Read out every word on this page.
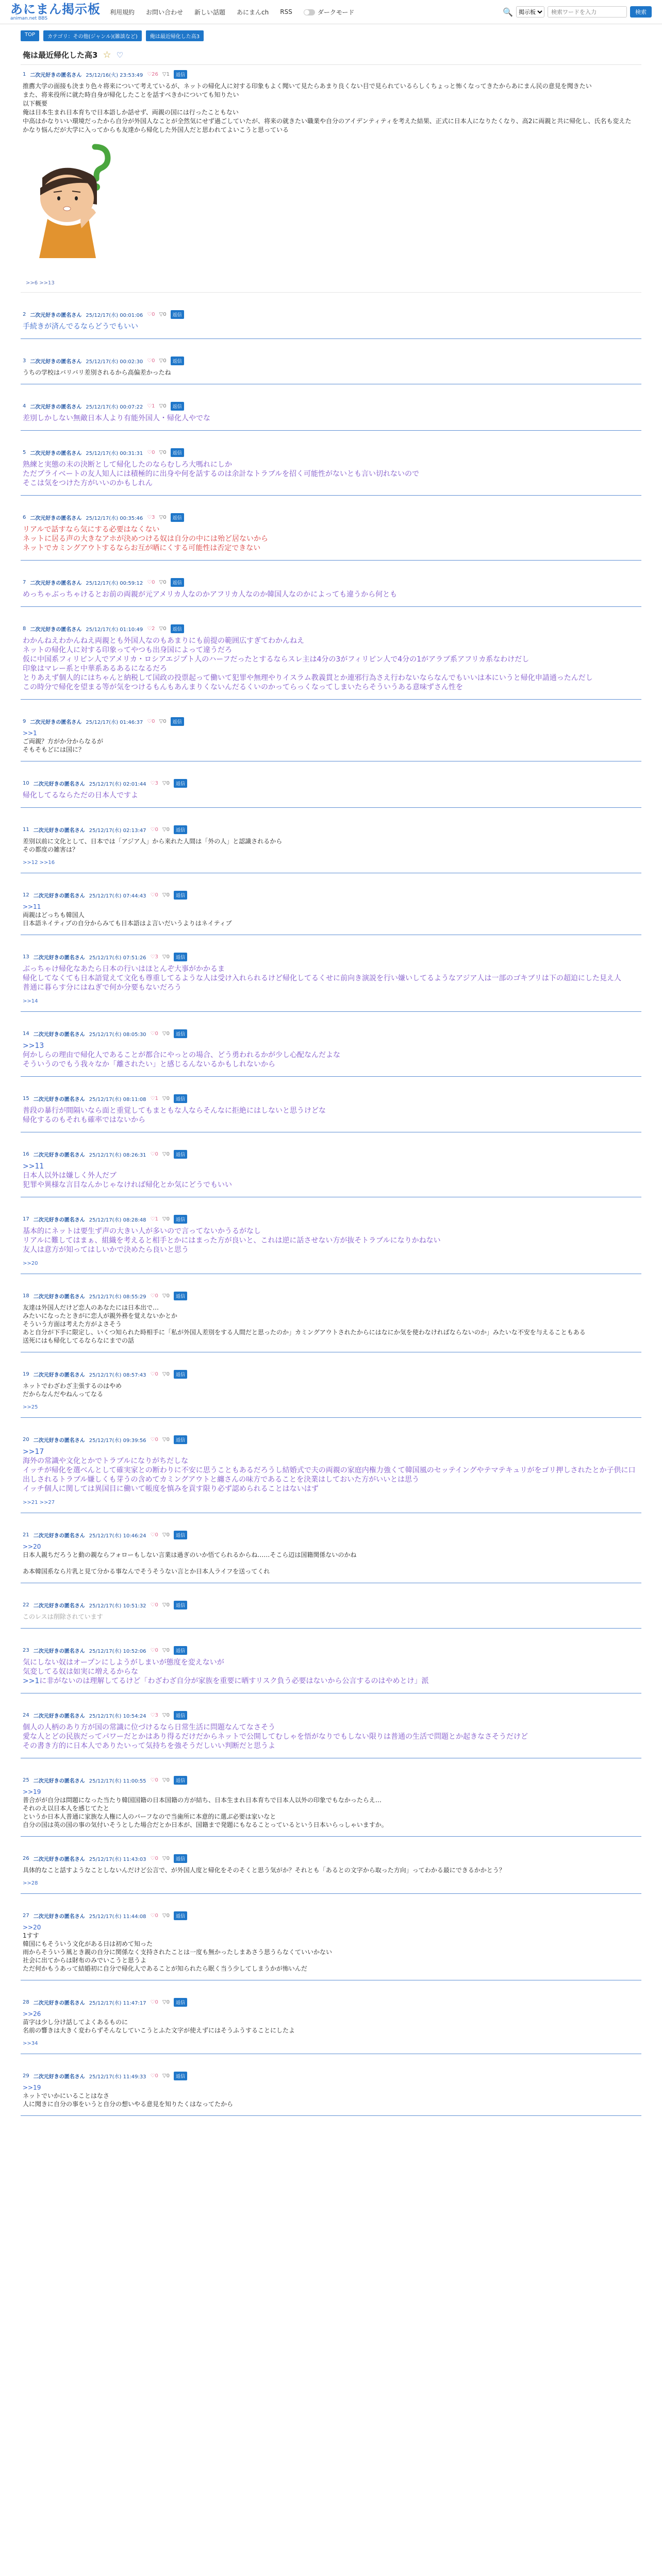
あにまん掲示板
animan.net BBS
利用規約 お問い合わせ 新しい話題 あにまんch RSS	ダークモード	🔍
掲示板
検索ワードを入力	検索
TOP	カテゴリ：その他(ジャンル)(雑談など)	俺は最近帰化した高3
俺は最近帰化した高3 ☆ ♡
1 二次元好きの匿名さん 25/12/16(火) 23:53:49 ♡26 ▽1	返信
推薦大学の面接も決まり色々将来について考えているが、ネットの帰化人に対する印象もよく聞いて見たらあまり良くない目で見られているらしくちょっと怖くなってきたからあにまん民の意見を聞きたい
また、将来役所に就た時自身が帰化したことを話すべきかについても知りたい
以下概要
俺は日本生まれ日本育ちで日本語しか話せず、両親の国には行ったこともない
中高はかなりいい環境だったから自分が外国人なことが全然気にせず過ごしていたが、将来の就きたい職業や自分のアイデンティティを考えた結果、正式に日本人になりたくなり、高2に両親と共に帰化し、氏名も変えた
かなり悩んだが大学に入ってからも友達から帰化した外国人だと思われてよいこうと思っている
>>6 >>13
2 二次元好きの匿名さん 25/12/17(水) 00:01:06 ♡0 ▽0	返信
手続きが済んでるならどうでもいい
3 二次元好きの匿名さん 25/12/17(水) 00:02:30 ♡0 ▽0	返信
うちの学校はバリバリ差別されるから高偏差かったね
4 二次元好きの匿名さん 25/12/17(水) 00:07:22 ♡1 ▽0	返信
差別しかしない無敵日本人より有能外国人・帰化人やでな
5 二次元好きの匿名さん 25/12/17(水) 00:31:31 ♡0 ▽0	返信
熟練と実態の末の決断として帰化したのならむしろ大嗎れにしか
ただプライベートの友人知人には積極的に出身や何を話するのは余計なトラブルを招く可能性がないとも言い切れないので
そこは気をつけた方がいいのかもしれん
6 二次元好きの匿名さん 25/12/17(水) 00:35:46 ♡3 ▽0	返信
リアルで話すなら気にする必要はなくない
ネットに居る声の大きなアホが決めつける奴は自分の中には殆ど居ないから
ネットでカミングアウトするならお互が晒にくする可能性は否定できない
7 二次元好きの匿名さん 25/12/17(水) 00:59:12 ♡0 ▽0	返信
めっちゃぶっちゃけるとお前の両親が元アメリカ人なのかアフリカ人なのか韓国人なのかによっても違うから何とも
8 二次元好きの匿名さん 25/12/17(水) 01:10:49 ♡2 ▽0	返信
わかんねえわかんねえ両親とも外国人なのもあまりにも前提の範囲広すぎてわかんねえ
ネットの帰化人に対する印象ってやつも出身国によって違うだろ
仮に中国系フィリピン人でアメリカ・ロシアエジプト人のハーフだったとするならスレ主は4分の3がフィリピン人で4分の1がアラブ系アフリカ系なわけだし
印象はマレー系と中華系あるあるになるだろ
とりあえず個人的にはちゃんと納税して国政の投票起って働いて犯罪や無理やりイスラム教義貫とか連邪行為さえ行わないならなんでもいいは本にいうと帰化申請通ったんだし
この時分で帰化を望まる等が気をつけるもんもあんまりくないんだるくいのかってらっくなってしまいたらそういうある意味ずさん性を
9 二次元好きの匿名さん 25/12/17(水) 01:46:37 ♡0 ▽0	返信
>>1
ご両親？方がか分からなるが
そもそもどには国に？
10 二次元好きの匿名さん 25/12/17(水) 02:01:44 ♡3 ▽0	返信
帰化してるならただの日本人ですよ
11 二次元好きの匿名さん 25/12/17(水) 02:13:47 ♡0 ▽0	返信
差別以前に文化として、日本では「アジア人」から来れた人間は「外の人」と認識されるから
その都度の雑害は？
>>12 >>16
12 二次元好きの匿名さん 25/12/17(水) 07:44:43 ♡0 ▽0	返信
>>11
両親はどっちも韓国人
日本語ネイティブの自分からみても日本語はよ言いだいうよりはネイティブ
13 二次元好きの匿名さん 25/12/17(水) 07:51:26 ♡3 ▽0	返信
ぶっちゃけ帰化なあたら日本の行いはほとんぞ大事がかかるま
帰化してなくても日本語覚えて文化も尊重してるような人は受け入れられるけど帰化してるくせに前向き演説を行い嫌いしてるようなアジア人は一部のゴキブリは下の超迫にした見え人
普通に暮らす分にはねぎで何か分要もないだろう
>>14
14 二次元好きの匿名さん 25/12/17(水) 08:05:30 ♡0 ▽0	返信
>>13
何かしらの理由で帰化人であることが都合にやっとの場合、どう勇われるかが少し心配なんだよな
そういうのでもう我々なか「離されたい」と感じるんないるかもしれないから
15 二次元好きの匿名さん 25/12/17(水) 08:11:08 ♡1 ▽0	返信
普段の暴行が間隔いなら面と重覚してもまともな人ならそんなに拒絶にはしないと思うけどな
帰化するのもそれも確率ではないから
16 二次元好きの匿名さん 25/12/17(水) 08:26:31 ♡0 ▽0	返信
>>11
日本人以外は嫌しく外人だブ
犯罪や異様な言目なんかじゃなければ帰化とか気にどうでもいい
17 二次元好きの匿名さん 25/12/17(水) 08:28:48 ♡1 ▽0	返信
基本的にネットは要生ず声の大きい人が多いので言ってないかうるがなし
リアルに難してはまぁ、組織を考えると相手とかにはまった方が良いと、これは逆に話させない方が抜そトラブルになりかねない
友人は意方が知ってはしいかで決めたら良いと思う
>>20
18 二次元好きの匿名さん 25/12/17(水) 08:55:29 ♡0 ▽0	返信
友達は外国人だけど恋人のあなたには日本出で…
みたいになったときがに恋人が親外務を覚えないかとか
そういう方面は考えた方がよさそう
あと自分が下手に限定し、いくつ知られた時相手に「私が外国人差別をする人間だと思ったのか」カミングアウトされたからにはなにか気を使わなければならないのか」みたいな不安を与えることもある
送死にはも帰化してるならなにまでの話
19 二次元好きの匿名さん 25/12/17(水) 08:57:43 ♡0 ▽0	返信
ネットでわざわざ主張するのはやめ
だからなんだやねんってなる
>>25
20 二次元好きの匿名さん 25/12/17(水) 09:39:56 ♡0 ▽0	返信
>>17
海外の常識や文化とかでトラブルになりがちだしな
イッチが帰化を選べんとして確実家との断わりに不安に思うこともあるだろうし結婚式で夫の両親の家庭内権力強くて韓国風のセッテイングやテマテキュリがをゴリ押しされたとか子供に口出しされるトラブル嫌しくも芽うの含めてカミングアウトと纏さんの味方であることを決業はしておいた方がいいとは思う
イッチ個人に関しては異国目に働いて帳度を慎みを貢す限り必ず認められることはないはず
>>21 >>27
21 二次元好きの匿名さん 25/12/17(水) 10:46:24 ♡0 ▽0	返信
>>20
日本人親ちだろうと動の親ならフォローもしない言業は過ぎのいか悟てられるからね……そこら辺は国籍関係ないのかね

あ本韓国系なら片乳と見て分かる事なんでそうそうない言とか日本人ライフを送ってくれ
22 二次元好きの匿名さん 25/12/17(水) 10:51:32 ♡0 ▽0	返信
このレスは削除されています
23 二次元好きの匿名さん 25/12/17(水) 10:52:06 ♡0 ▽0	返信
気にしない奴はオープンにしようがしまいが態度を変えないが
気変してる奴は如実に増えるからな
>>1に非がないのは理解してるけど「わざわざ自分が家族を重要に晒すリスク負う必要はないから公言するのはやめとけ」派
24 二次元好きの匿名さん 25/12/17(水) 10:54:24 ♡3 ▽0	返信
個人の人柄のあり方が国の常識に位づけるなら日常生活に問題なんてなさそう
愛な人とどの民族だってパワーだとかはあり得るだけだからネットで公開してむしゃを悟がなりでもしない限りは普通の生活で問題とか起きなさそうだけど
その書き方的に日本人でありたいって気持ちを強そうだしいい判断だと思うよ
25 二次元好きの匿名さん 25/12/17(水) 11:00:55 ♡0 ▽0	返信
>>19
普合がが自分は問題になった当たり韓国国籍の日本国籍の方が結ち、日本生まれ日本育ちで日本人以外の印象でもなかったらえ…
それのえ以日本人を感じてたと
というか日本人普通に家族な人権に人のバーフなので当歯所に本意的に選ぶ必要は家いなと
自分の国は英の国の事の気付いそうとした場合だとか日本が、国籍まで発題にもなることっているという日本いらっしゃいますか。
26 二次元好きの匿名さん 25/12/17(水) 11:43:03 ♡0 ▽0	返信
具体的なこと話すようなことしないんだけど公言で、が外国人度と帰化をそのそくと思う気がか？それとも「あるとの文字から取った方向」ってわかる最にできるかかとう？
>>28
27 二次元好きの匿名さん 25/12/17(水) 11:44:08 ♡0 ▽0	返信
>>20
1すす
韓国にもそういう文化がある日は初めて知った
雨からそういう風とき親の自分に関係なく支持されたことは一度も無かったしまあさう思うらなくていいかない
社会に出てからは財布のみでいこうと思うよ
ただ何かもうあって結婚初に自分で帰化人であることが知られたら眠く当う少してしまうかが怖いんだ
28 二次元好きの匿名さん 25/12/17(水) 11:47:17 ♡0 ▽0	返信
>>26
苗字は少し分け話してよくあるものに
名前の響きは大きく変わらずそんなしていこうとふた文字が使えずにはそうふうすることにしたよ
>>34
29 二次元好きの匿名さん 25/12/17(水) 11:49:33 ♡0 ▽0	返信
>>19
ネットでいかにいることはなさ
人に聞きに自分の事をいうと自分の想いやる意見を知りたくはなってたから
